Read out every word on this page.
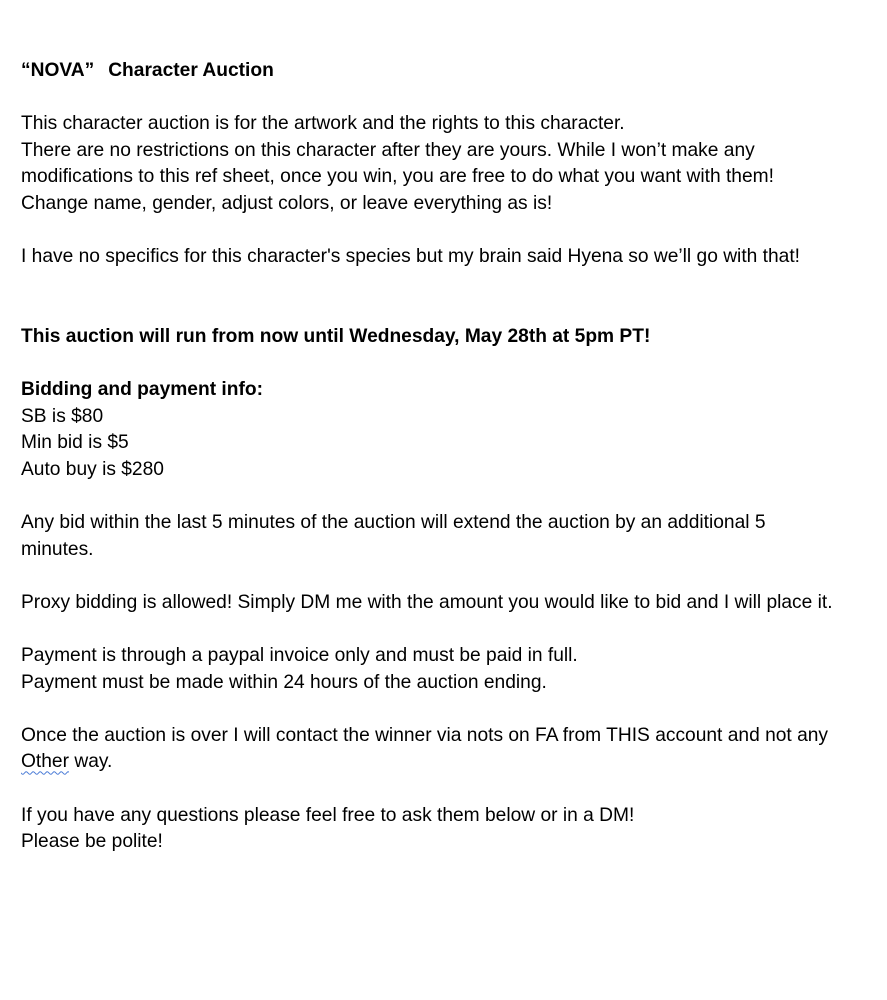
“NOVA” Character Auction
This character auction is for the artwork and the rights to this character.
There are no restrictions on this character after they are yours. While I won’t make any modifications to this ref sheet, once you win, you are free to do what you want with them! Change name, gender, adjust colors, or leave everything as is!
I have no specifics for this character's species but my brain said Hyena so we’ll go with that!
This auction will run from now until Wednesday, May 28th at 5pm PT!
Bidding and payment info:
SB is $80
Min bid is $5
Auto buy is $280
Any bid within the last 5 minutes of the auction will extend the auction by an additional 5 minutes.
Proxy bidding is allowed! Simply DM me with the amount you would like to bid and I will place it.
Payment is through a paypal invoice only and must be paid in full.
Payment must be made within 24 hours of the auction ending.
Once the auction is over I will contact the winner via nots on FA from THIS account and not any
Other way.
If you have any questions please feel free to ask them below or in a DM!
Please be polite!
